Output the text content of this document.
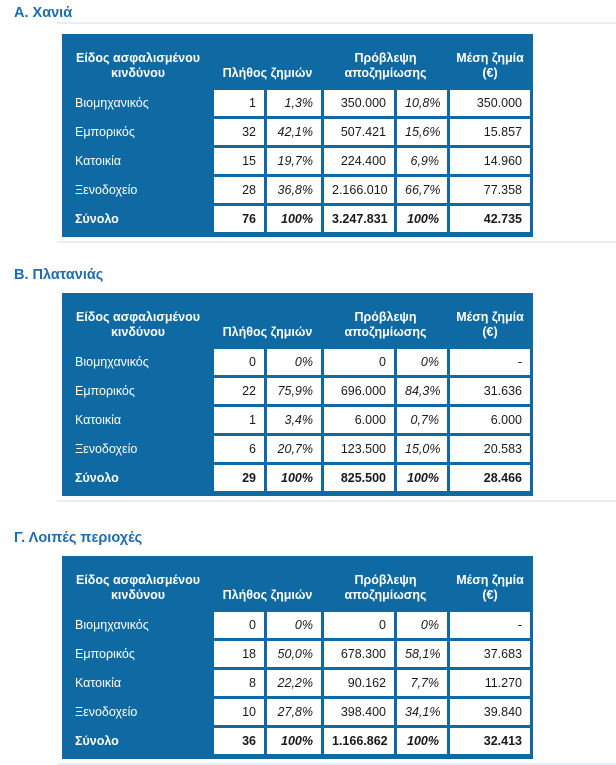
Α. Χανιά
Είδος ασφαλισμένου κινδύνου	Πλήθος ζημιών		Πρόβλεψη αποζημίωσης		Μέση ζημία (€)
Βιομηχανικός	1	1,3%	350.000	10,8%	350.000
Εμπορικός	32	42,1%	507.421	15,6%	15.857
Κατοικία	15	19,7%	224.400	6,9%	14.960
Ξενοδοχείο	28	36,8%	2.166.010	66,7%	77.358
Σύνολο	76	100%	3.247.831	100%	42.735
Β. Πλατανιάς
Είδος ασφαλισμένου κινδύνου	Πλήθος ζημιών		Πρόβλεψη αποζημίωσης		Μέση ζημία (€)
Βιομηχανικός	0	0%	0	0%	-
Εμπορικός	22	75,9%	696.000	84,3%	31.636
Κατοικία	1	3,4%	6.000	0,7%	6.000
Ξενοδοχείο	6	20,7%	123.500	15,0%	20.583
Σύνολο	29	100%	825.500	100%	28.466
Γ. Λοιπές περιοχές
Είδος ασφαλισμένου κινδύνου	Πλήθος ζημιών		Πρόβλεψη αποζημίωσης		Μέση ζημία (€)
Βιομηχανικός	0	0%	0	0%	-
Εμπορικός	18	50,0%	678.300	58,1%	37.683
Κατοικία	8	22,2%	90.162	7,7%	11.270
Ξενοδοχείο	10	27,8%	398.400	34,1%	39.840
Σύνολο	36	100%	1.166.862	100%	32.413
